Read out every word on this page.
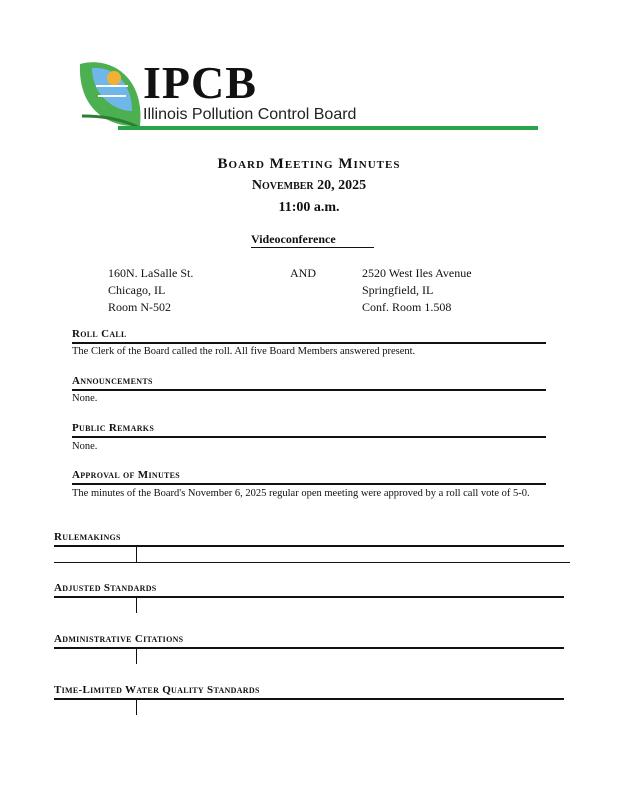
IPCB
Illinois Pollution Control Board
Board Meeting Minutes
November 20, 2025
11:00 a.m.
Videoconference
160N. LaSalle St.
Chicago, IL
Room N-502
AND	2520 West Iles Avenue
Springfield, IL
Conf. Room 1.508
Roll Call
The Clerk of the Board called the roll. All five Board Members answered present.
Announcements
None.
Public Remarks
None.
Approval of Minutes
The minutes of the Board's November 6, 2025 regular open meeting were approved by a roll call vote of 5-0.
Rulemakings
Adjusted Standards
Administrative Citations
Time-Limited Water Quality Standards
